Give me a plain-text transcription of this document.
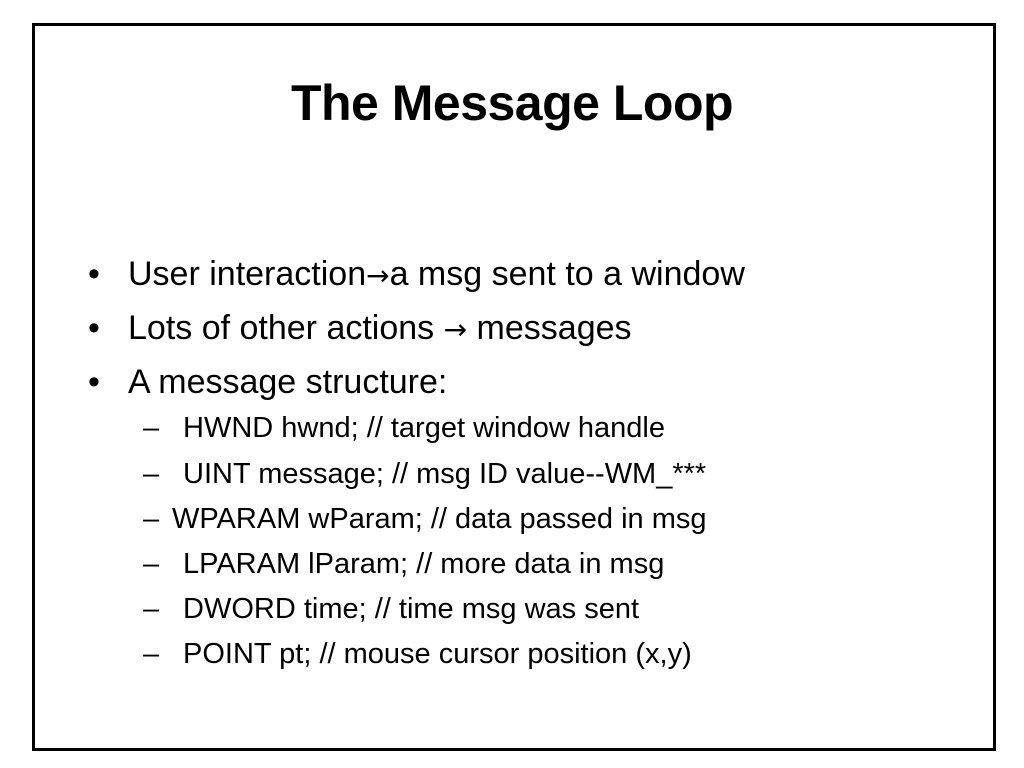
The Message Loop
• User interaction→a msg sent to a window
• Lots of other actions → messages
• A message structure:
– HWND hwnd; // target window handle
– UINT message; // msg ID value--WM_***
– WPARAM wParam; // data passed in msg
– LPARAM lParam; // more data in msg
– DWORD time; // time msg was sent
– POINT pt; // mouse cursor position (x,y)
